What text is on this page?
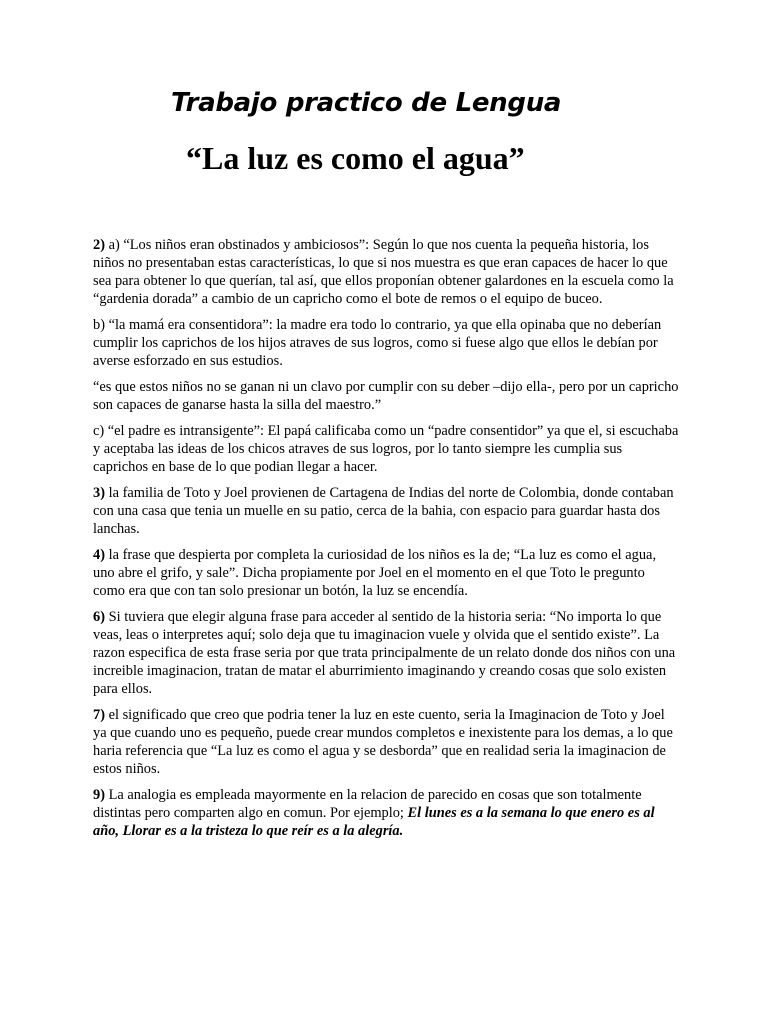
Trabajo practico de Lengua
“La luz es como el agua”

2) a) “Los niños eran obstinados y ambiciosos”: Según lo que nos cuenta la pequeña historia, los niños no presentaban estas características, lo que si nos muestra es que eran capaces de hacer lo que sea para obtener lo que querían, tal así, que ellos proponían obtener galardones en la escuela como la “gardenia dorada” a cambio de un capricho como el bote de remos o el equipo de buceo.

b) “la mamá era consentidora”: la madre era todo lo contrario, ya que ella opinaba que no deberían cumplir los caprichos de los hijos atraves de sus logros, como si fuese algo que ellos le debían por averse esforzado en sus estudios.

“es que estos niños no se ganan ni un clavo por cumplir con su deber –dijo ella-, pero por un capricho son capaces de ganarse hasta la silla del maestro.”

c) “el padre es intransigente”: El papá calificaba como un “padre consentidor” ya que el, si escuchaba y aceptaba las ideas de los chicos atraves de sus logros, por lo tanto siempre les cumplia sus caprichos en base de lo que podian llegar a hacer.

3) la familia de Toto y Joel provienen de Cartagena de Indias del norte de Colombia, donde contaban con una casa que tenia un muelle en su patio, cerca de la bahia, con espacio para guardar hasta dos lanchas.

4) la frase que despierta por completa la curiosidad de los niños es la de; “La luz es como el agua, uno abre el grifo, y sale”. Dicha propiamente por Joel en el momento en el que Toto le pregunto como era que con tan solo presionar un botón, la luz se encendía.

6) Si tuviera que elegir alguna frase para acceder al sentido de la historia seria: “No importa lo que veas, leas o interpretes aquí; solo deja que tu imaginacion vuele y olvida que el sentido existe”. La razon especifica de esta frase seria por que trata principalmente de un relato donde dos niños con una increible imaginacion, tratan de matar el aburrimiento imaginando y creando cosas que solo existen para ellos.

7) el significado que creo que podria tener la luz en este cuento, seria la Imaginacion de Toto y Joel ya que cuando uno es pequeño, puede crear mundos completos e inexistente para los demas, a lo que haria referencia que “La luz es como el agua y se desborda” que en realidad seria la imaginacion de estos niños.

9) La analogia es empleada mayormente en la relacion de parecido en cosas que son totalmente distintas pero comparten algo en comun. Por ejemplo; El lunes es a la semana lo que enero es al año, Llorar es a la tristeza lo que reír es a la alegría.
